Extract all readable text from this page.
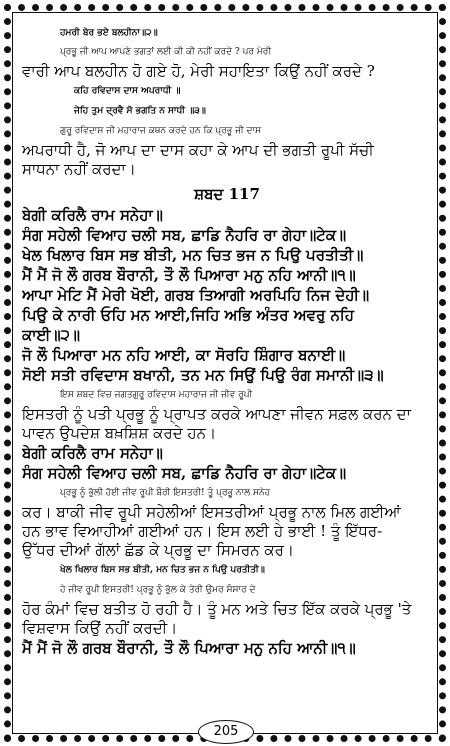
ਹਮਰੀ ਬੇਰ ਭਏ ਬਲਹੀਨਾ॥੨॥
ਪ੍ਰਭੂ ਜੀ ਆਪ ਆਪਣੇ ਭਗਤਾਂ ਲਈ ਕੀ ਕੀ ਨਹੀਂ ਕਰਦੇ ? ਪਰ ਮੇਰੀ
ਵਾਰੀ ਆਪ ਬਲਹੀਨ ਹੋ ਗਏ ਹੋ, ਮੇਰੀ ਸਹਾਇਤਾ ਕਿਉਂ ਨਹੀਂ ਕਰਦੇ ?
ਕਹਿ ਰਵਿਦਾਸ ਦਾਸ ਅਪਰਾਧੀ ॥
ਜੇਹਿ ਤੁਮ ਦ੍ਰਵੈ ਸੋ ਭਗਤਿ ਨ ਸਾਧੀ ॥੩॥
ਗੁਰੂ ਰਵਿਦਾਸ ਜੀ ਮਹਾਰਾਜ ਕਥਨ ਕਰਦੇ ਹਨ ਕਿ ਪ੍ਰਭੂ ਜੀ ਦਾਸ
ਅਪਰਾਧੀ ਹੈ, ਜੋ ਆਪ ਦਾ ਦਾਸ ਕਹਾ ਕੇ ਆਪ ਦੀ ਭਗਤੀ ਰੂਪੀ ਸੱਚੀ
ਸਾਧਨਾ ਨਹੀਂ ਕਰਦਾ।
ਸ਼ਬਦ 117
ਬੇਗੀ ਕਰਿਲੈ ਰਾਮ ਸਨੇਹਾ॥
ਸੰਗ ਸਹੇਲੀ ਵਿਆਹ ਚਲੀ ਸਬ, ਛਾਡਿ ਨੈਹਰਿ ਰਾ ਗੇਹਾ॥ਟੇਕ॥
ਖੇਲ ਖਿਲਾਰ ਬਿਸ ਸਭ ਬੀਤੀ, ਮਨ ਚਿਤ ਭਜ ਨ ਪਿਉ ਪਰਤੀਤੀ॥
ਮੈਂ ਮੈਂ ਜੋ ਲੌ ਗਰਬ ਬੌਰਾਨੀ, ਤੌ ਲੌ ਪਿਆਰਾ ਮਨੁ ਨਹਿ ਆਨੀ॥੧॥
ਆਪਾ ਮੇਟਿ ਮੈਂ ਮੇਰੀ ਖੋਈ, ਗਰਬ ਤਿਆਗੀ ਅਰਪਿਹਿ ਨਿਜ ਦੇਹੀ॥
ਪਿਉ ਕੇ ਨਾਰੀ ਓਹਿ ਮਨ ਆਈ,ਜਿਹਿ ਅਭਿ ਅੰਤਰ ਅਵਰੁ ਨਹਿ
ਕਾਈ॥੨॥
ਜੋ ਲੌ ਪਿਆਰਾ ਮਨ ਨਹਿ ਆਈ, ਕਾ ਸੋਰਹਿ ਸ਼ਿੰਗਾਰ ਬਨਾਈ॥
ਸੋਈ ਸਤੀ ਰਵਿਦਾਸ ਬਖਾਨੀ, ਤਨ ਮਨ ਸਿਉਂ ਪਿਉ ਰੰਗ ਸਮਾਨੀ॥੩॥
ਇਸ ਸ਼ਬਦ ਵਿਚ ਜਗਤਗੁਰੂ ਰਵਿਦਾਸ ਮਹਾਰਾਜ ਜੀ ਜੀਵ ਰੂਪੀ
ਇਸਤਰੀ ਨੂੰ ਪਤੀ ਪ੍ਰਭੂ ਨੂੰ ਪ੍ਰਾਪਤ ਕਰਕੇ ਆਪਣਾ ਜੀਵਨ ਸਫ਼ਲ ਕਰਨ ਦਾ
ਪਾਵਨ ਉਪਦੇਸ਼ ਬਖ਼ਸ਼ਿਸ਼ ਕਰਦੇ ਹਨ।
ਬੇਗੀ ਕਰਿਲੈ ਰਾਮ ਸਨੇਹਾ॥
ਸੰਗ ਸਹੇਲੀ ਵਿਆਹ ਚਲੀ ਸਬ, ਛਾਡਿ ਨੈਹਰਿ ਰਾ ਗੇਹਾ॥ਟੇਕ॥
ਪ੍ਰਭੂ ਨੂੰ ਭੁੱਲੀ ਹੋਈ ਜੀਵ ਰੂਪੀ ਬੌਰੀ ਇਸਤਰੀ! ਤੂੰ ਪ੍ਰਭੂ ਨਾਲ ਸਨੇਹ
ਕਰ। ਬਾਕੀ ਜੀਵ ਰੂਪੀ ਸਹੇਲੀਆਂ ਇਸਤਰੀਆਂ ਪ੍ਰਭੂ ਨਾਲ ਮਿਲ ਗਈਆਂ
ਹਨ ਭਾਵ ਵਿਆਹੀਆਂ ਗਈਆਂ ਹਨ। ਇਸ ਲਈ ਹੇ ਭਾਈ ! ਤੂੰ ਇੱਧਰ-
ਉੱਧਰ ਦੀਆਂ ਗੱਲਾਂ ਛੱਡ ਕੇ ਪ੍ਰਭੂ ਦਾ ਸਿਮਰਨ ਕਰ।
ਖੇਲ ਖਿਲਾਰ ਬਿਸ ਸਭ ਬੀਤੀ, ਮਨ ਚਿਤ ਭਜ ਨ ਪਿਉ ਪਰਤੀਤੀ॥
ਹੇ ਜੀਵ ਰੂਪੀ ਇਸਤਰੀ! ਪ੍ਰਭੂ ਨੂੰ ਭੁੱਲ ਕੇ ਤੇਰੀ ਉਮਰ ਸੰਸਾਰ ਦੇ
ਹੋਰ ਕੰਮਾਂ ਵਿਚ ਬਤੀਤ ਹੋ ਰਹੀ ਹੈ। ਤੂੰ ਮਨ ਅਤੇ ਚਿਤ ਇੱਕ ਕਰਕੇ ਪ੍ਰਭੂ 'ਤੇ
ਵਿਸ਼ਵਾਸ ਕਿਉਂ ਨਹੀਂ ਕਰਦੀ।
ਮੈਂ ਮੈਂ ਜੋ ਲੌ ਗਰਬ ਬੌਰਾਨੀ, ਤੌ ਲੌ ਪਿਆਰਾ ਮਨੁ ਨਹਿ ਆਨੀ॥੧॥
205
